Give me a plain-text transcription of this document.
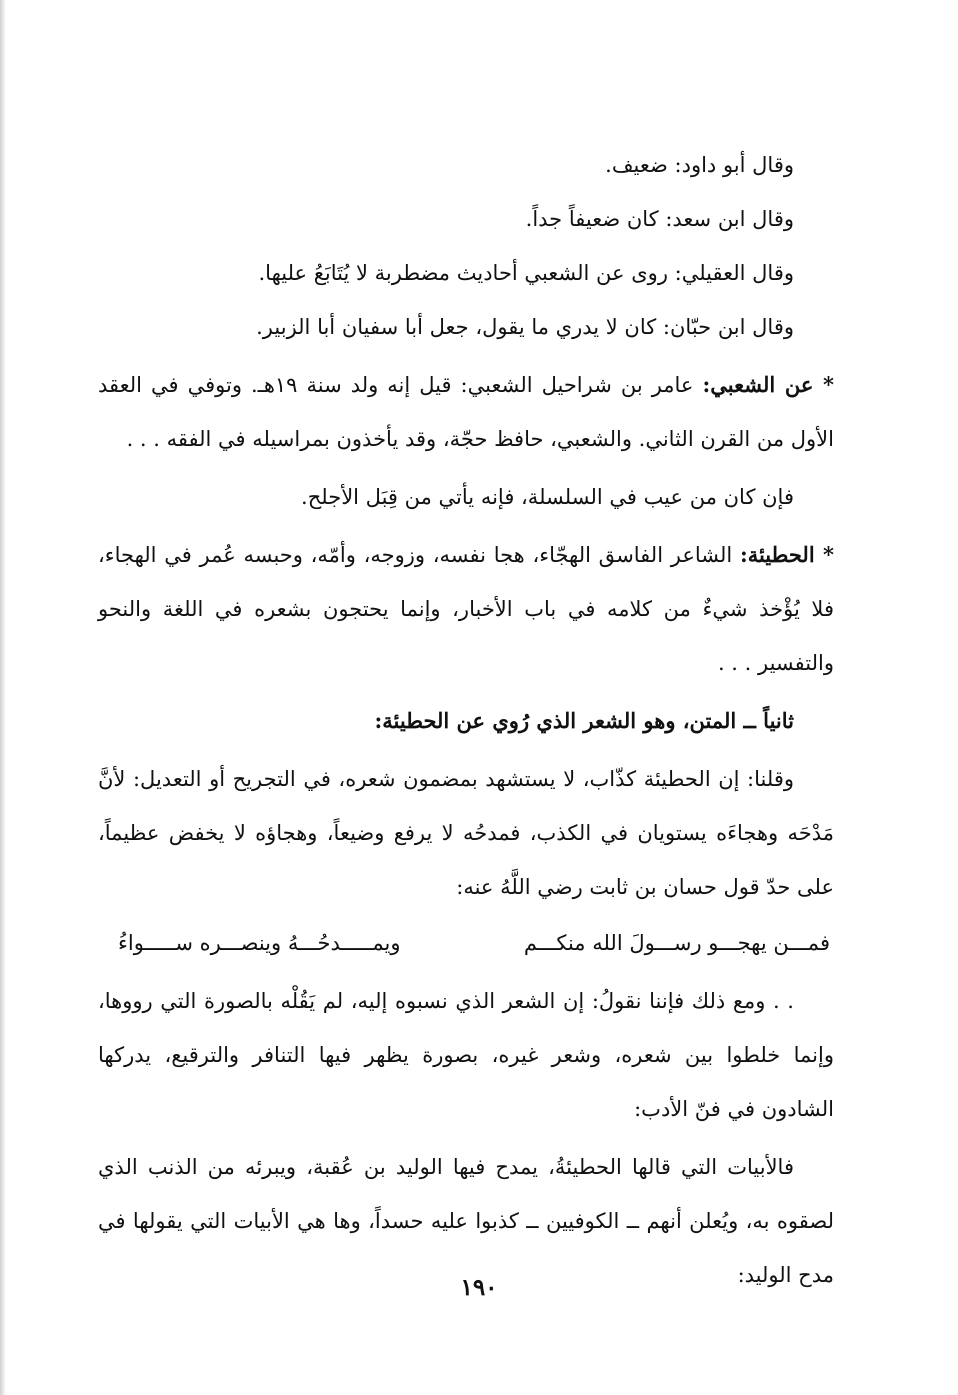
وقال أبو داود: ضعيف.

وقال ابن سعد: كان ضعيفاً جداً.

وقال العقيلي: روى عن الشعبي أحاديث مضطربة لا يُتَابَعُ عليها.

وقال ابن حبّان: كان لا يدري ما يقول، جعل أبا سفيان أبا الزبير.

* عن الشعبي: عامر بن شراحيل الشعبي: قيل إنه ولد سنة ١٩هـ. وتوفي في العقد الأول من القرن الثاني. والشعبي، حافظ حجّة، وقد يأخذون بمراسيله في الفقه . . .

فإن كان من عيب في السلسلة، فإنه يأتي من قِبَل الأجلح.

* الحطيئة: الشاعر الفاسق الهجّاء، هجا نفسه، وزوجه، وأمّه، وحبسه عُمر في الهجاء، فلا يُؤْخذ شيءٌ من كلامه في باب الأخبار، وإنما يحتجون بشعره في اللغة والنحو والتفسير . . .

ثانياً ــ المتن، وهو الشعر الذي رُوي عن الحطيئة:

وقلنا: إن الحطيئة كذّاب، لا يستشهد بمضمون شعره، في التجريح أو التعديل: لأنَّ مَدْحَه وهجاءَه يستويان في الكذب، فمدحُه لا يرفع وضيعاً، وهجاؤه لا يخفض عظيماً، على حدّ قول حسان بن ثابت رضي اللَّهُ عنه:

فمـــن يهجـــو رســـولَ الله منكـــم
ويمـــــدحُـــهُ وينصـــره ســـــواءُ

. . ومع ذلك فإننا نقولُ: إن الشعر الذي نسبوه إليه، لم يَقُلْه بالصورة التي رووها، وإنما خلطوا بين شعره، وشعر غيره، بصورة يظهر فيها التنافر والترقيع، يدركها الشادون في فنّ الأدب:

فالأبيات التي قالها الحطيئةُ، يمدح فيها الوليد بن عُقبة، ويبرئه من الذنب الذي لصقوه به، ويُعلن أنهم ــ الكوفيين ــ كذبوا عليه حسداً، وها هي الأبيات التي يقولها في مدح الوليد:

١٩٠
